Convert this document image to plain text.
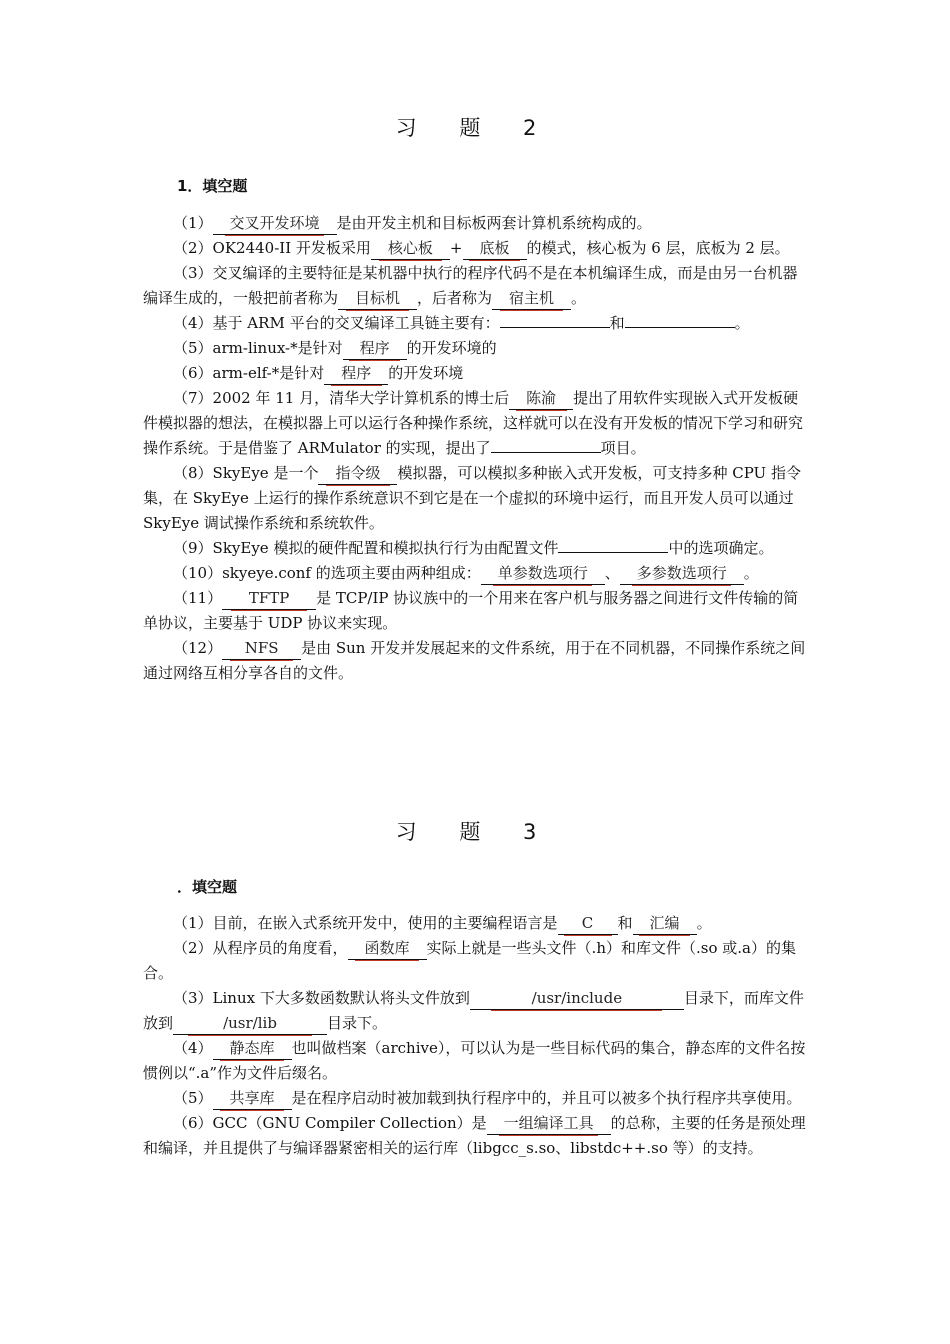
习 题 2
1．填空题

（1） 交叉开发环境 是由开发主机和目标板两套计算机系统构成的。

（2）OK2440-II 开发板采用 核心板 + 底板 的模式，核心板为 6 层，底板为 2 层。

（3）交叉编译的主要特征是某机器中执行的程序代码不是在本机编译生成，而是由另一台机器编译生成的，一般把前者称为 目标机 ，后者称为 宿主机 。

（4）基于 ARM 平台的交叉编译工具链主要有：	和	。

（5）arm-linux-*是针对 程序 的开发环境的

（6）arm-elf-*是针对 程序 的开发环境

（7）2002 年 11 月，清华大学计算机系的博士后 陈渝 提出了用软件实现嵌入式开发板硬件模拟器的想法，在模拟器上可以运行各种操作系统，这样就可以在没有开发板的情况下学习和研究操作系统。于是借鉴了 ARMulator 的实现，提出了	项目。

（8）SkyEye 是一个 指令级 模拟器，可以模拟多种嵌入式开发板，可支持多种 CPU 指令集，在 SkyEye 上运行的操作系统意识不到它是在一个虚拟的环境中运行，而且开发人员可以通过 SkyEye 调试操作系统和系统软件。

（9）SkyEye 模拟的硬件配置和模拟执行行为由配置文件	中的选项确定。

（10）skyeye.conf 的选项主要由两种组成： 单参数选项行 、 多参数选项行 。

（11） TFTP 是 TCP/IP 协议族中的一个用来在客户机与服务器之间进行文件传输的简单协议，主要基于 UDP 协议来实现。

（12） NFS 是由 Sun 开发并发展起来的文件系统，用于在不同机器，不同操作系统之间通过网络互相分享各自的文件。

习 题 3
．填空题

（1）目前，在嵌入式系统开发中，使用的主要编程语言是 C 和 汇编 。

（2）从程序员的角度看， 函数库 实际上就是一些头文件（.h）和库文件（.so 或.a）的集合。

（3）Linux 下大多数函数默认将头文件放到	/usr/include	目录下，而库文件放到	/usr/lib	目录下。

（4） 静态库 也叫做档案（archive），可以认为是一些目标代码的集合，静态库的文件名按惯例以“.a”作为文件后缀名。

（5） 共享库 是在程序启动时被加载到执行程序中的，并且可以被多个执行程序共享使用。

（6）GCC（GNU Compiler Collection）是 一组编译工具 的总称，主要的任务是预处理和编译，并且提供了与编译器紧密相关的运行库（libgcc_s.so、libstdc++.so 等）的支持。
